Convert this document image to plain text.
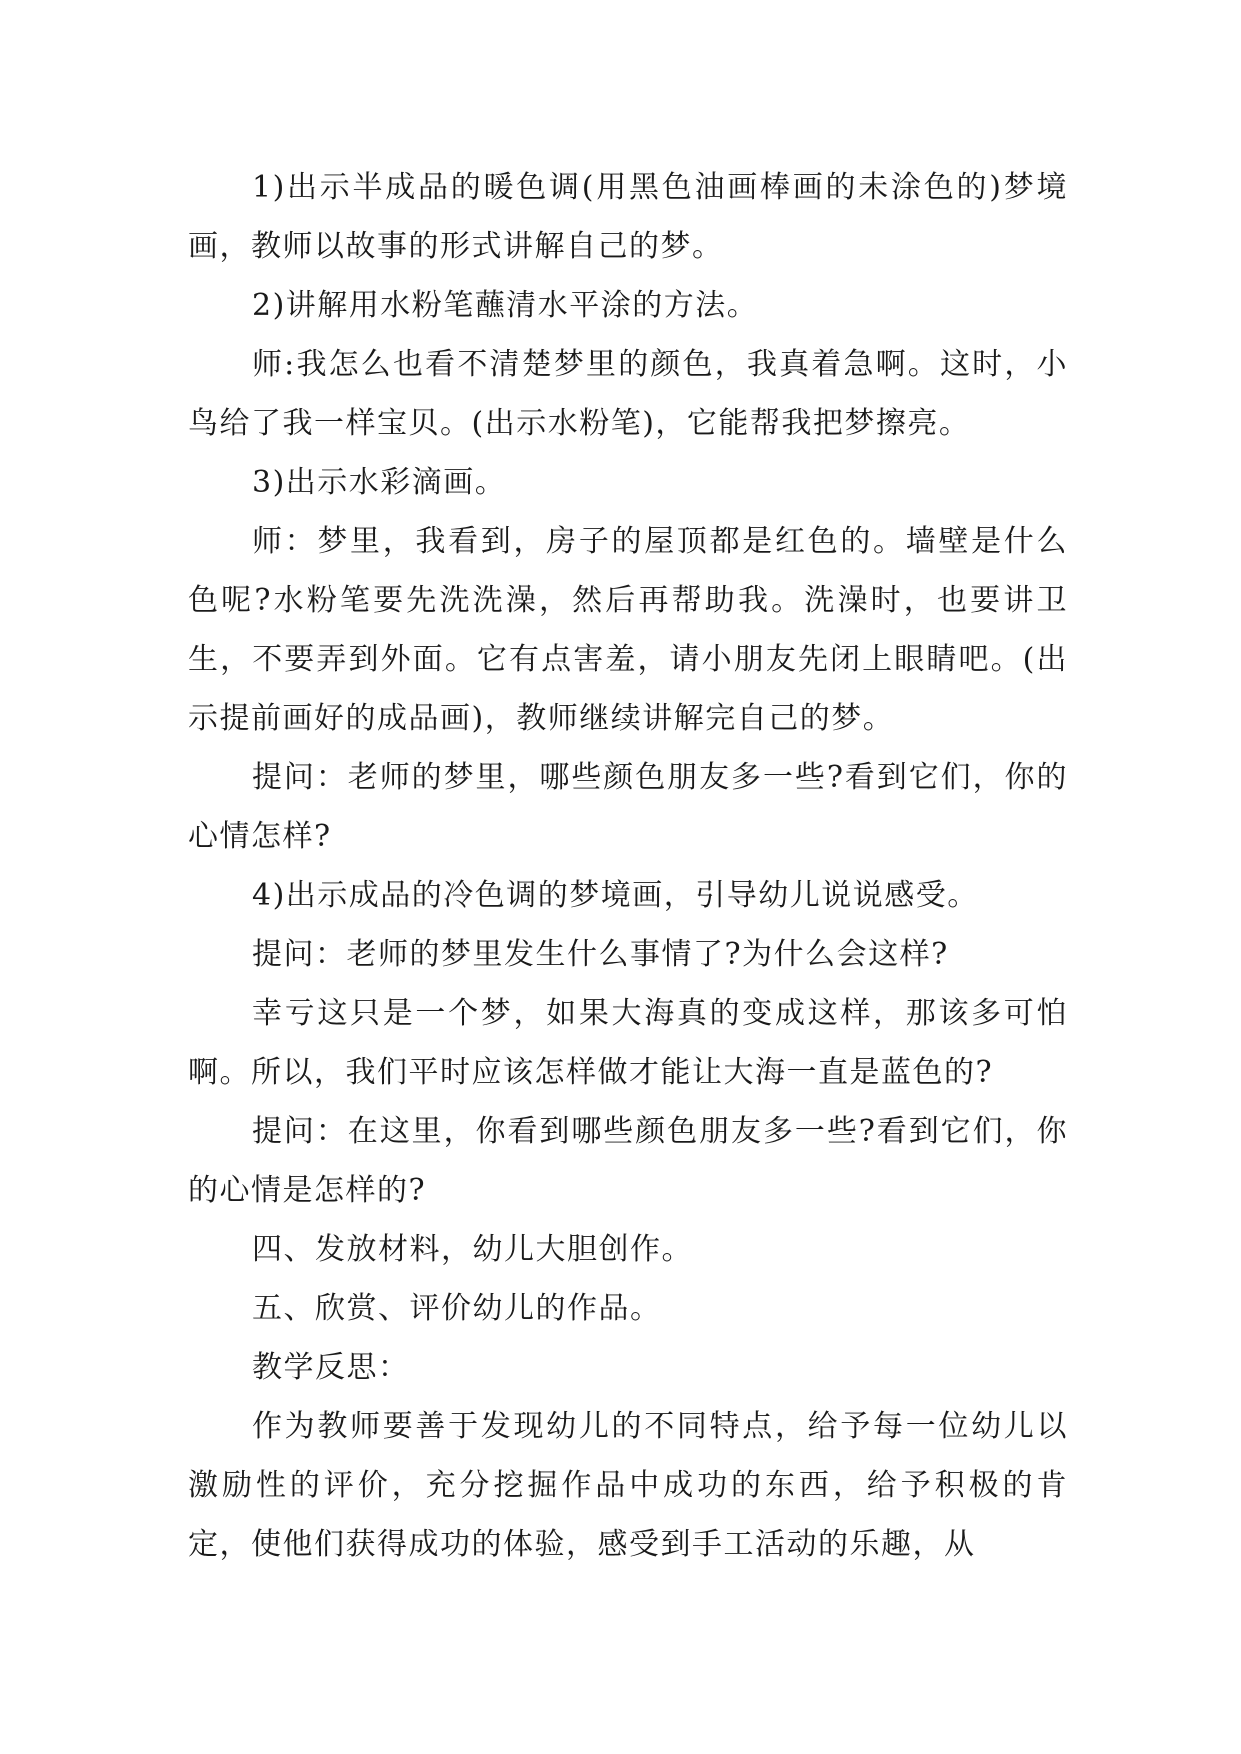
1)出示半成品的暖色调(用黑色油画棒画的未涂色的)梦境画，教师以故事的形式讲解自己的梦。

2)讲解用水粉笔蘸清水平涂的方法。

师:我怎么也看不清楚梦里的颜色，我真着急啊。这时，小鸟给了我一样宝贝。(出示水粉笔)，它能帮我把梦擦亮。

3)出示水彩滴画。

师：梦里，我看到，房子的屋顶都是红色的。墙壁是什么色呢?水粉笔要先洗洗澡，然后再帮助我。洗澡时，也要讲卫生，不要弄到外面。它有点害羞，请小朋友先闭上眼睛吧。(出示提前画好的成品画)，教师继续讲解完自己的梦。

提问：老师的梦里，哪些颜色朋友多一些?看到它们，你的心情怎样?

4)出示成品的冷色调的梦境画，引导幼儿说说感受。

提问：老师的梦里发生什么事情了?为什么会这样?

幸亏这只是一个梦，如果大海真的变成这样，那该多可怕啊。所以，我们平时应该怎样做才能让大海一直是蓝色的?

提问：在这里，你看到哪些颜色朋友多一些?看到它们，你的心情是怎样的?

四、发放材料，幼儿大胆创作。

五、欣赏、评价幼儿的作品。

教学反思：

作为教师要善于发现幼儿的不同特点，给予每一位幼儿以激励性的评价，充分挖掘作品中成功的东西，给予积极的肯定，使他们获得成功的体验，感受到手工活动的乐趣，从
